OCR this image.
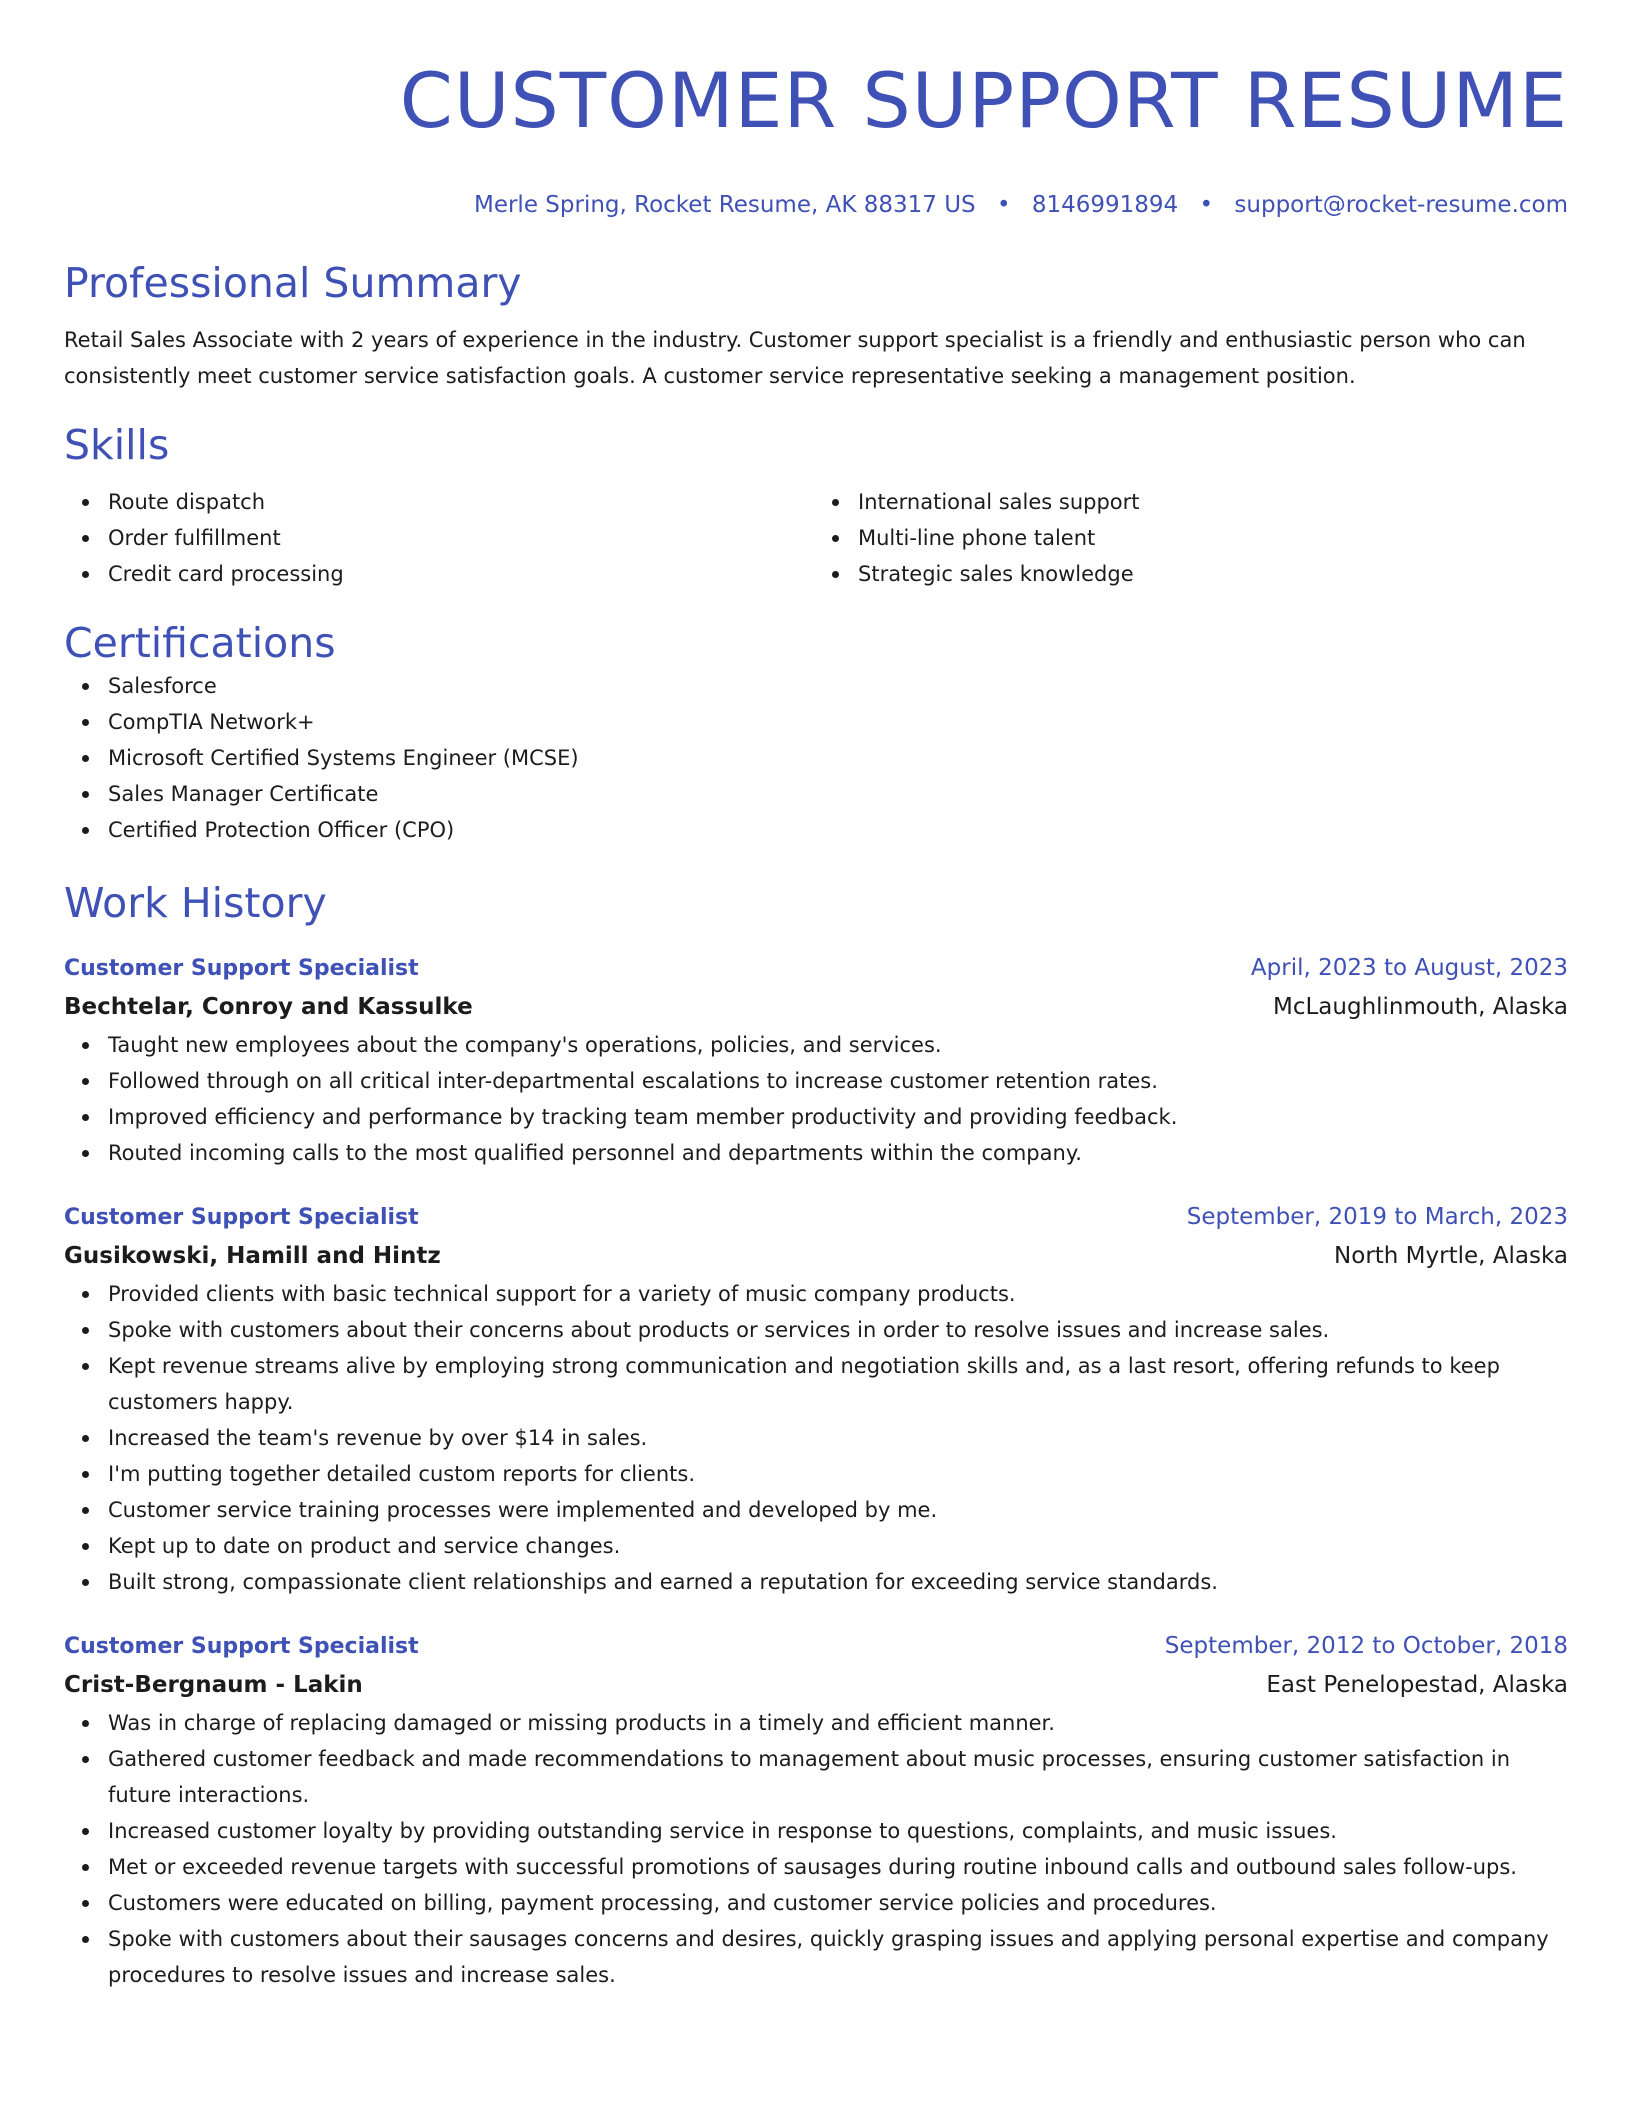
CUSTOMER SUPPORT RESUME
Merle Spring, Rocket Resume, AK 88317 US • 8146991894 • support@rocket-resume.com
Professional Summary

Retail Sales Associate with 2 years of experience in the industry. Customer support specialist is a friendly and enthusiastic person who can consistently meet customer service satisfaction goals. A customer service representative seeking a management position.

Skills
Route dispatch
Order fulfillment
Credit card processing
International sales support
Multi-line phone talent
Strategic sales knowledge
Certifications
Salesforce
CompTIA Network+
Microsoft Certified Systems Engineer (MCSE)
Sales Manager Certificate
Certified Protection Officer (CPO)
Work History
Customer Support Specialist	April, 2023 to August, 2023
Bechtelar, Conroy and Kassulke	McLaughlinmouth, Alaska
Taught new employees about the company's operations, policies, and services.
Followed through on all critical inter-departmental escalations to increase customer retention rates.
Improved efficiency and performance by tracking team member productivity and providing feedback.
Routed incoming calls to the most qualified personnel and departments within the company.
Customer Support Specialist	September, 2019 to March, 2023
Gusikowski, Hamill and Hintz	North Myrtle, Alaska
Provided clients with basic technical support for a variety of music company products.
Spoke with customers about their concerns about products or services in order to resolve issues and increase sales.
Kept revenue streams alive by employing strong communication and negotiation skills and, as a last resort, offering refunds to keep customers happy.
Increased the team's revenue by over $14 in sales.
I'm putting together detailed custom reports for clients.
Customer service training processes were implemented and developed by me.
Kept up to date on product and service changes.
Built strong, compassionate client relationships and earned a reputation for exceeding service standards.
Customer Support Specialist	September, 2012 to October, 2018
Crist-Bergnaum - Lakin	East Penelopestad, Alaska
Was in charge of replacing damaged or missing products in a timely and efficient manner.
Gathered customer feedback and made recommendations to management about music processes, ensuring customer satisfaction in future interactions.
Increased customer loyalty by providing outstanding service in response to questions, complaints, and music issues.
Met or exceeded revenue targets with successful promotions of sausages during routine inbound calls and outbound sales follow-ups.
Customers were educated on billing, payment processing, and customer service policies and procedures.
Spoke with customers about their sausages concerns and desires, quickly grasping issues and applying personal expertise and company procedures to resolve issues and increase sales.
